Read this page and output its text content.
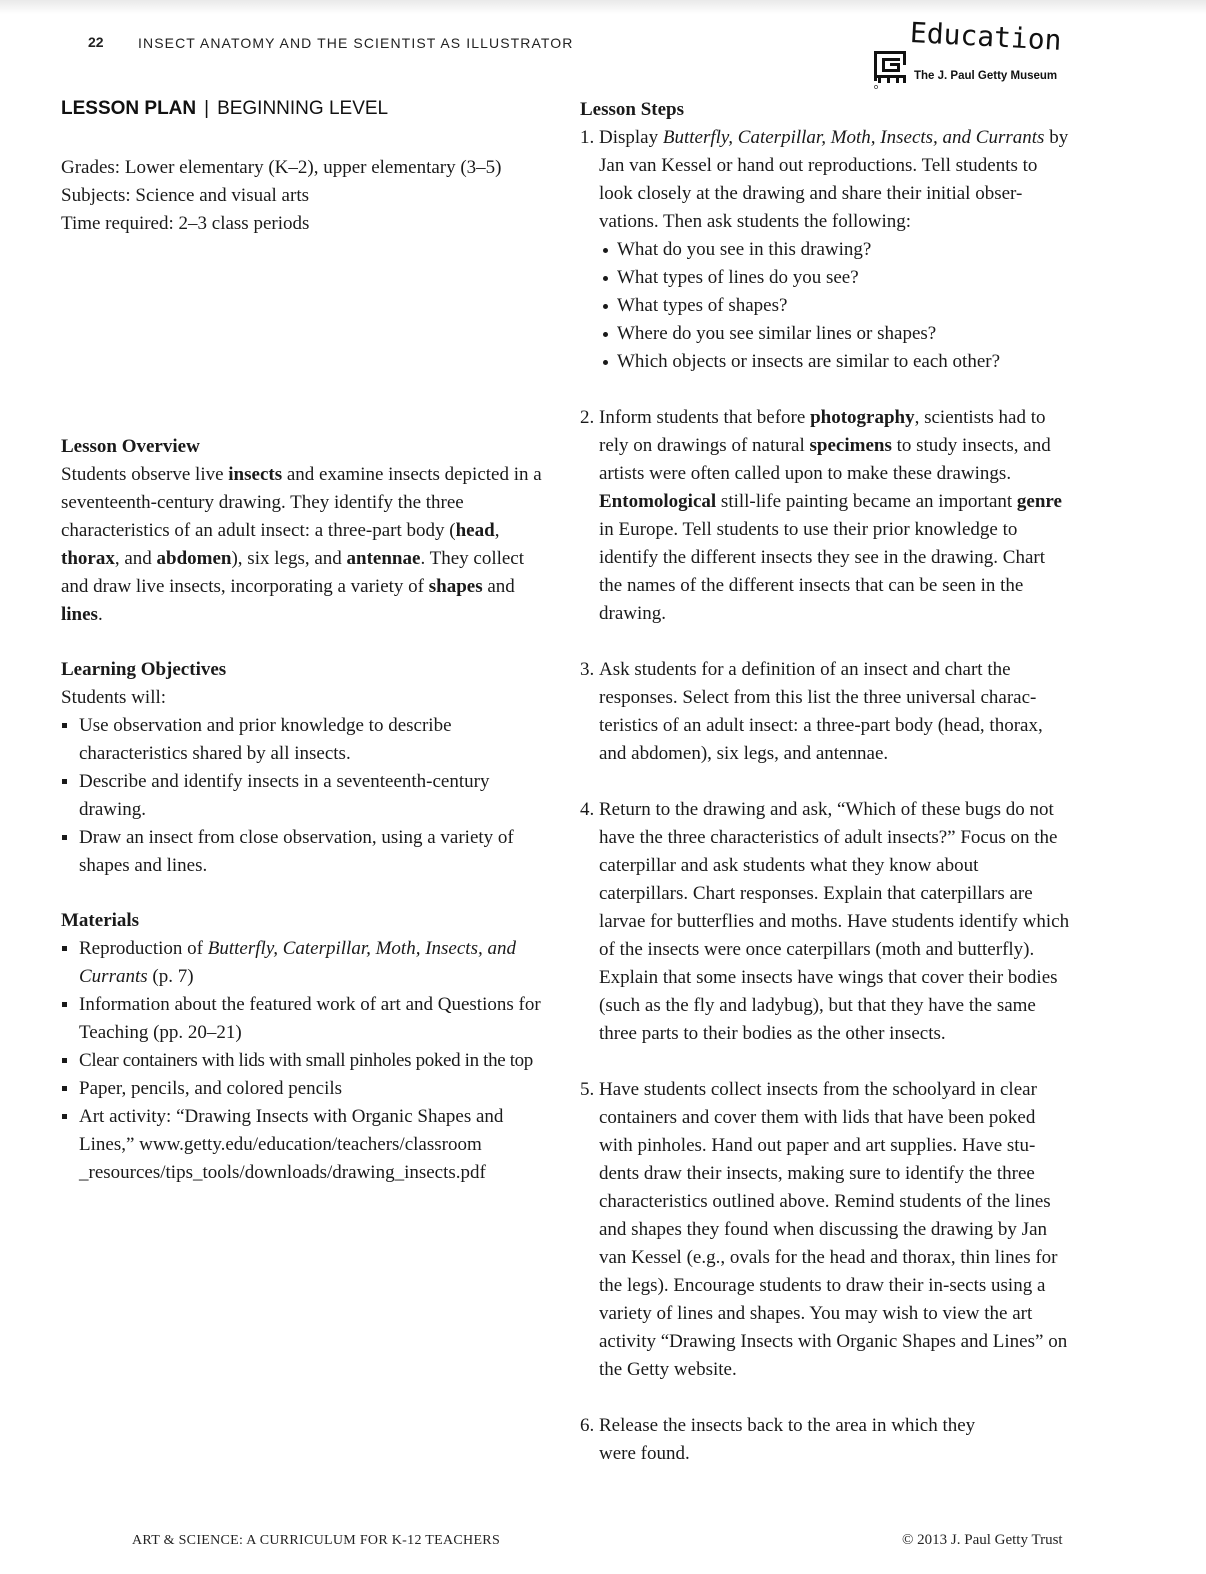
22 INSECT ANATOMY AND THE SCIENTIST AS ILLUSTRATOR	Education
The J. Paul Getty Museum
LESSON PLAN | BEGINNING LEVEL

Grades: Lower elementary (K–2), upper elementary (3–5)

Subjects: Science and visual arts

Time required: 2–3 class periods

Lesson Overview

Students observe live insects and examine insects depicted in a seventeenth-century drawing. They identify the three characteristics of an adult insect: a three-part body (head, thorax, and abdomen), six legs, and antennae. They collect and draw live insects, incorporating a variety of shapes and lines.

Learning Objectives

Students will:

Use observation and prior knowledge to describe characteristics shared by all insects.
Describe and identify insects in a seventeenth-century drawing.
Draw an insect from close observation, using a variety of shapes and lines.

Materials

Reproduction of Butterfly, Caterpillar, Moth, Insects, and Currants (p. 7)
Information about the featured work of art and Questions for Teaching (pp. 20–21)
Clear containers with lids with small pinholes poked in the top
Paper, pencils, and colored pencils
Art activity: “Drawing Insects with Organic Shapes and Lines,” www.getty.edu/education/teachers/classroom _resources/tips_tools/downloads/drawing_insects.pdf

Lesson Steps

1. Display Butterfly, Caterpillar, Moth, Insects, and Currants by Jan van Kessel or hand out reproductions. Tell students to look closely at the drawing and share their initial obser-vations. Then ask students the following:

What do you see in this drawing?
What types of lines do you see?
What types of shapes?
Where do you see similar lines or shapes?
Which objects or insects are similar to each other?
2. Inform students that before photography, scientists had to rely on drawings of natural specimens to study insects, and artists were often called upon to make these drawings. Entomological still-life painting became an important genre in Europe. Tell students to use their prior knowledge to identify the different insects they see in the drawing. Chart the names of the different insects that can be seen in the drawing.

3. Ask students for a definition of an insect and chart the responses. Select from this list the three universal charac-teristics of an adult insect: a three-part body (head, thorax, and abdomen), six legs, and antennae.

4. Return to the drawing and ask, “Which of these bugs do not have the three characteristics of adult insects?” Focus on the caterpillar and ask students what they know about caterpillars. Chart responses. Explain that caterpillars are larvae for butterflies and moths. Have students identify which of the insects were once caterpillars (moth and butterfly). Explain that some insects have wings that cover their bodies (such as the fly and ladybug), but that they have the same three parts to their bodies as the other insects.

5. Have students collect insects from the schoolyard in clear containers and cover them with lids that have been poked with pinholes. Hand out paper and art supplies. Have stu-dents draw their insects, making sure to identify the three characteristics outlined above. Remind students of the lines and shapes they found when discussing the drawing by Jan van Kessel (e.g., ovals for the head and thorax, thin lines for the legs). Encourage students to draw their in-sects using a variety of lines and shapes. You may wish to view the art activity “Drawing Insects with Organic Shapes and Lines” on the Getty website.

6. Release the insects back to the area in which they were found.

ART & SCIENCE: A CURRICULUM FOR K-12 TEACHERS	© 2013 J. Paul Getty Trust
